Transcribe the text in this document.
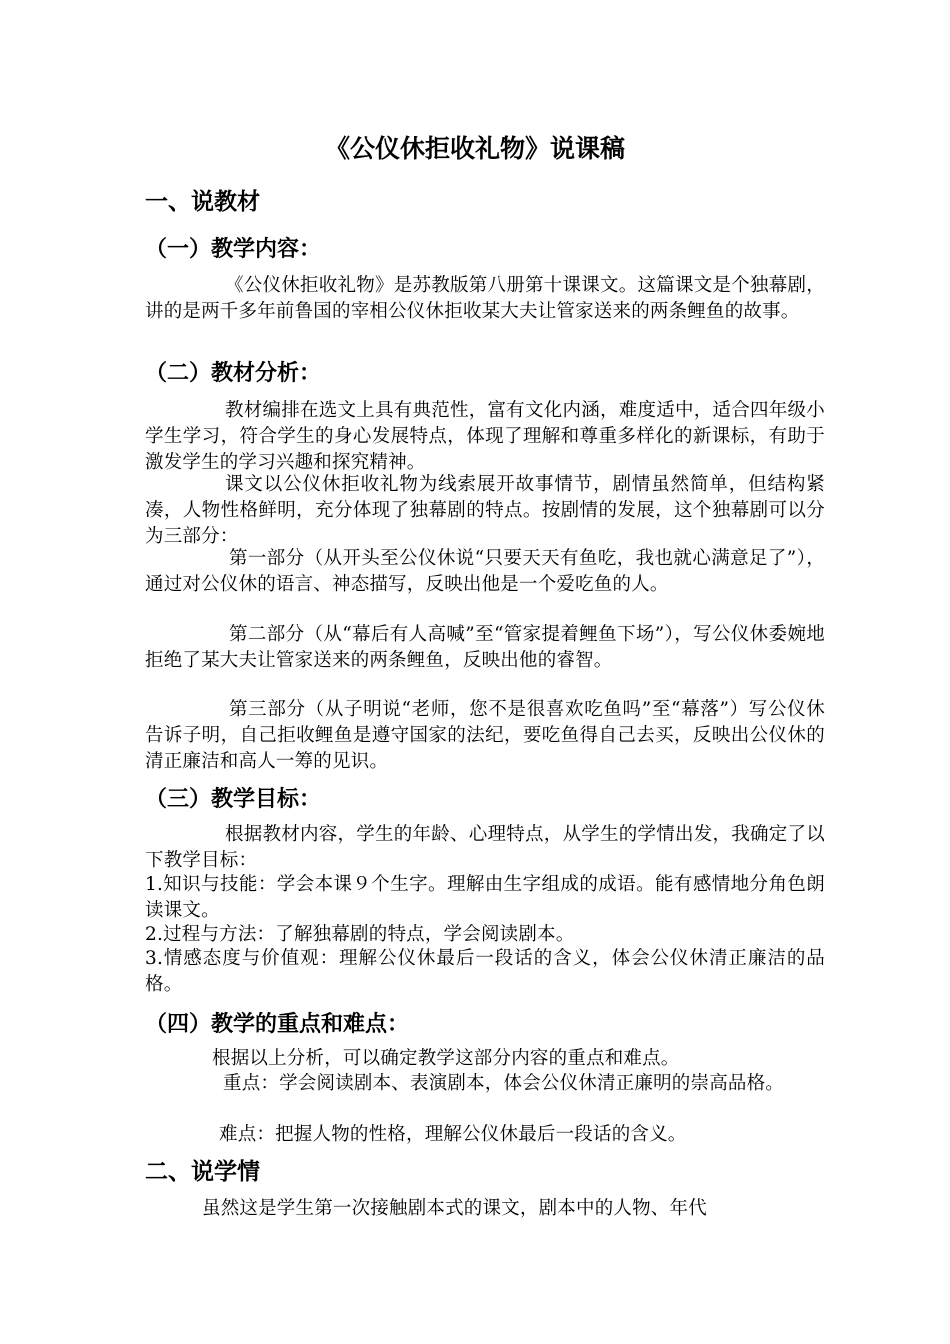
《公仪休拒收礼物》说课稿
一、说教材
（一）教学内容：
《公仪休拒收礼物》是苏教版第八册第十课课文。这篇课文是个独幕剧，讲的是两千多年前鲁国的宰相公仪休拒收某大夫让管家送来的两条鲤鱼的故事。
（二）教材分析：
教材编排在选文上具有典范性，富有文化内涵，难度适中，适合四年级小学生学习，符合学生的身心发展特点，体现了理解和尊重多样化的新课标，有助于激发学生的学习兴趣和探究精神。
课文以公仪休拒收礼物为线索展开故事情节，剧情虽然简单，但结构紧凑，人物性格鲜明，充分体现了独幕剧的特点。按剧情的发展，这个独幕剧可以分为三部分：
第一部分（从开头至公仪休说“只要天天有鱼吃，我也就心满意足了”），通过对公仪休的语言、神态描写，反映出他是一个爱吃鱼的人。
第二部分（从“幕后有人高喊”至“管家提着鲤鱼下场”），写公仪休委婉地拒绝了某大夫让管家送来的两条鲤鱼，反映出他的睿智。
第三部分（从子明说“老师，您不是很喜欢吃鱼吗”至“幕落”）写公仪休告诉子明，自己拒收鲤鱼是遵守国家的法纪，要吃鱼得自己去买，反映出公仪休的清正廉洁和高人一筹的见识。
（三）教学目标：
根据教材内容，学生的年龄、心理特点，从学生的学情出发，我确定了以下教学目标：
1.知识与技能：学会本课９个生字。理解由生字组成的成语。能有感情地分角色朗读课文。
2.过程与方法：了解独幕剧的特点，学会阅读剧本。
3.情感态度与价值观：理解公仪休最后一段话的含义，体会公仪休清正廉洁的品格。
（四）教学的重点和难点：
根据以上分析，可以确定教学这部分内容的重点和难点。
重点：学会阅读剧本、表演剧本，体会公仪休清正廉明的崇高品格。
难点：把握人物的性格，理解公仪休最后一段话的含义。
二、说学情
虽然这是学生第一次接触剧本式的课文，剧本中的人物、年代
